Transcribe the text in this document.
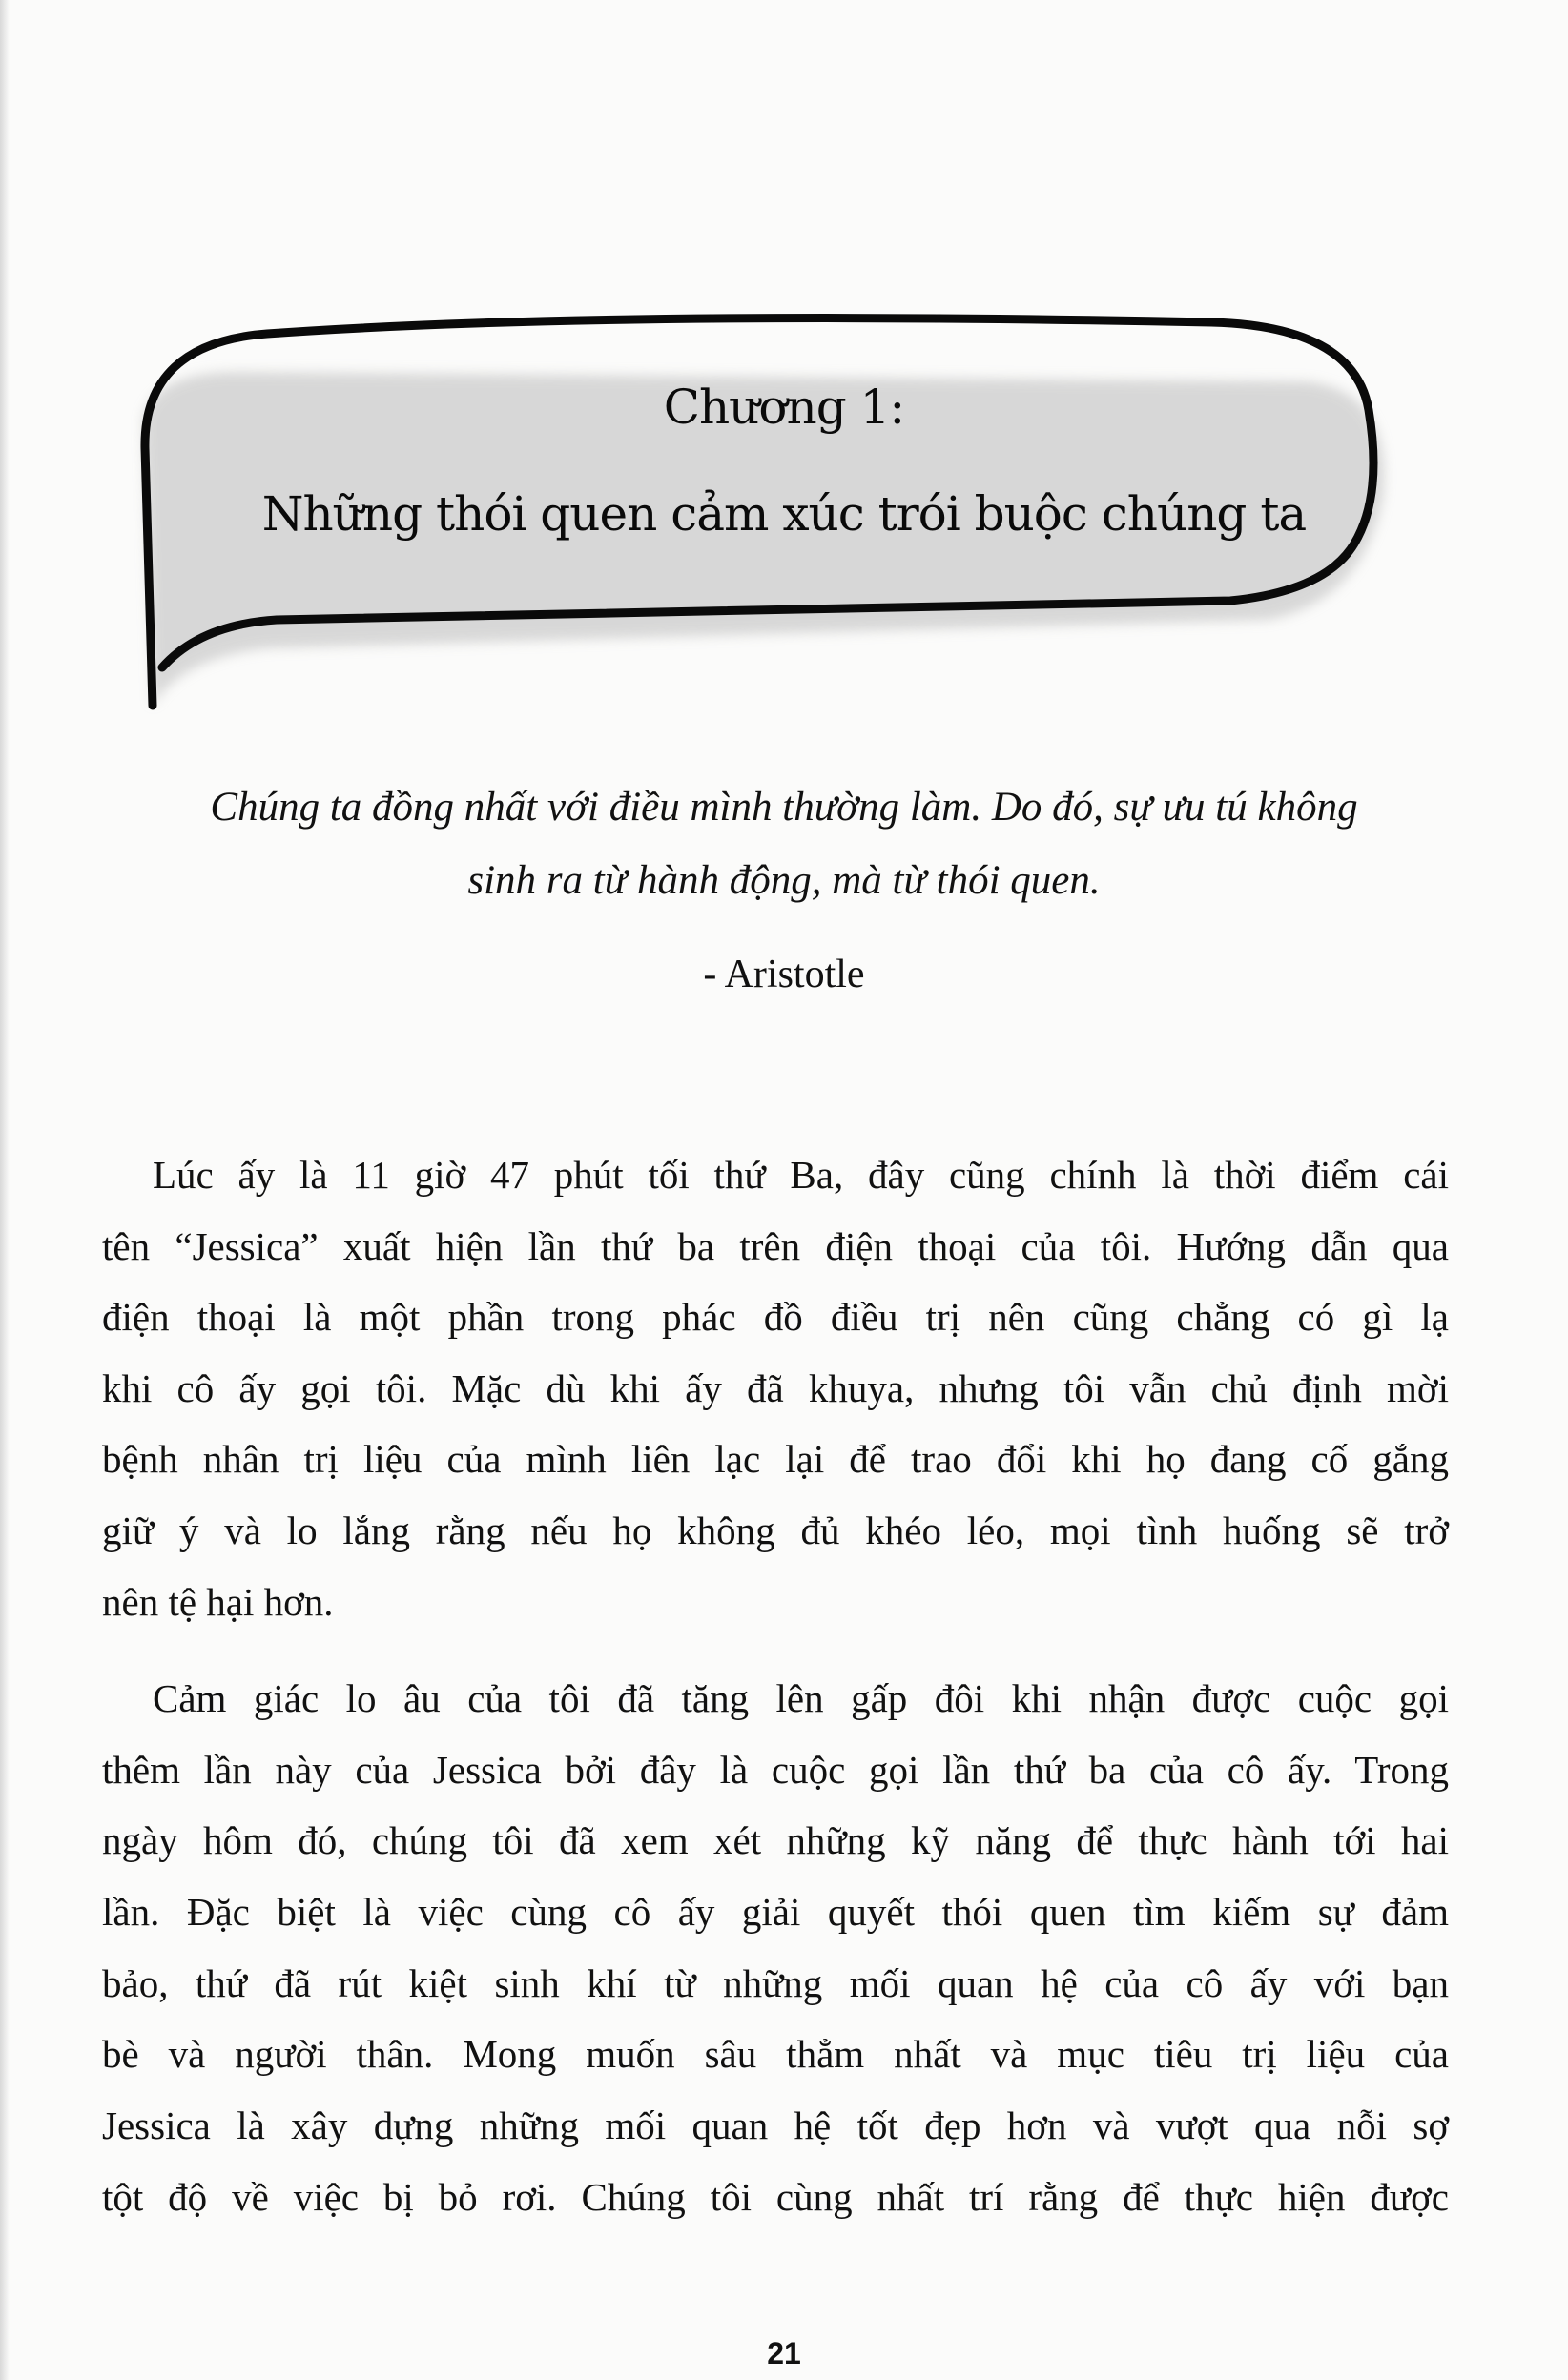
Chương 1:
Những thói quen cảm xúc trói buộc chúng ta
Chúng ta đồng nhất với điều mình thường làm. Do đó, sự ưu tú không
sinh ra từ hành động, mà từ thói quen.
- Aristotle
Lúc ấy là 11 giờ 47 phút tối thứ Ba, đây cũng chính là thời điểm cái
tên “Jessica” xuất hiện lần thứ ba trên điện thoại của tôi. Hướng dẫn qua
điện thoại là một phần trong phác đồ điều trị nên cũng chẳng có gì lạ
khi cô ấy gọi tôi. Mặc dù khi ấy đã khuya, nhưng tôi vẫn chủ định mời
bệnh nhân trị liệu của mình liên lạc lại để trao đổi khi họ đang cố gắng
giữ ý và lo lắng rằng nếu họ không đủ khéo léo, mọi tình huống sẽ trở
nên tệ hại hơn.
Cảm giác lo âu của tôi đã tăng lên gấp đôi khi nhận được cuộc gọi
thêm lần này của Jessica bởi đây là cuộc gọi lần thứ ba của cô ấy. Trong
ngày hôm đó, chúng tôi đã xem xét những kỹ năng để thực hành tới hai
lần. Đặc biệt là việc cùng cô ấy giải quyết thói quen tìm kiếm sự đảm
bảo, thứ đã rút kiệt sinh khí từ những mối quan hệ của cô ấy với bạn
bè và người thân. Mong muốn sâu thẳm nhất và mục tiêu trị liệu của
Jessica là xây dựng những mối quan hệ tốt đẹp hơn và vượt qua nỗi sợ
tột độ về việc bị bỏ rơi. Chúng tôi cùng nhất trí rằng để thực hiện được
21
